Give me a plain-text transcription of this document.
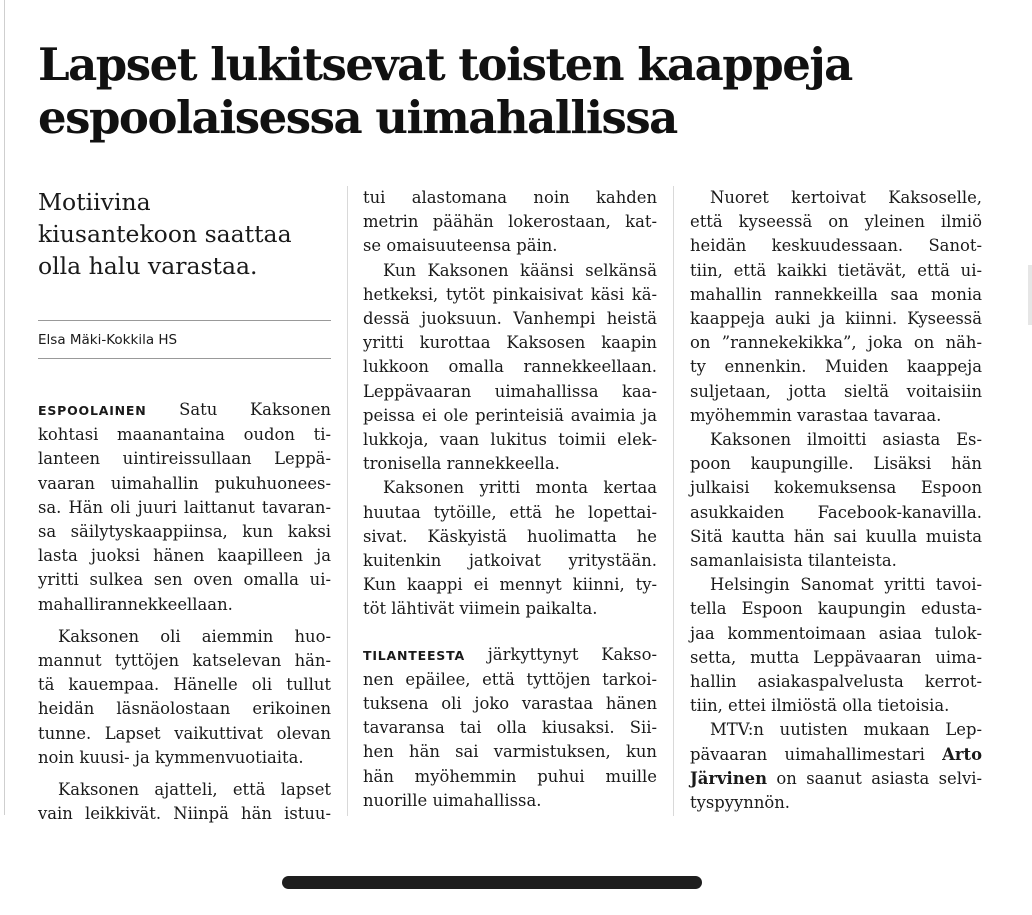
Lapset lukitsevat toisten kaappeja
espoolaisessa uimahallissa

Motiivina
kiusantekoon saattaa
olla halu varastaa.

Elsa Mäki-Kokkila HS

ESPOOLAINEN Satu Kaksonen
kohtasi maanantaina oudon ti-
lanteen uintireissullaan Leppä-
vaaran uimahallin pukuhuonees-
sa. Hän oli juuri laittanut tavaran-
sa säilytyskaappiinsa, kun kaksi
lasta juoksi hänen kaapilleen ja
yritti sulkea sen oven omalla ui-
mahallirannekkeellaan.
Kaksonen oli aiemmin huo-
mannut tyttöjen katselevan hän-
tä kauempaa. Hänelle oli tullut
heidän läsnäolostaan erikoinen
tunne. Lapset vaikuttivat olevan
noin kuusi- ja kymmenvuotiaita.
Kaksonen ajatteli, että lapset
vain leikkivät. Niinpä hän istuu-
tui alastomana noin kahden
metrin päähän lokerostaan, kat-
se omaisuuteensa päin.
Kun Kaksonen käänsi selkänsä
hetkeksi, tytöt pinkaisivat käsi kä-
dessä juoksuun. Vanhempi heistä
yritti kurottaa Kaksosen kaapin
lukkoon omalla rannekkeellaan.
Leppävaaran uimahallissa kaa-
peissa ei ole perinteisiä avaimia ja
lukkoja, vaan lukitus toimii elek-
tronisella rannekkeella.
Kaksonen yritti monta kertaa
huutaa tytöille, että he lopettai-
sivat. Käskyistä huolimatta he
kuitenkin jatkoivat yritystään.
Kun kaappi ei mennyt kiinni, ty-
töt lähtivät viimein paikalta.
TILANTEESTA järkyttynyt Kakso-
nen epäilee, että tyttöjen tarkoi-
tuksena oli joko varastaa hänen
tavaransa tai olla kiusaksi. Sii-
hen hän sai varmistuksen, kun
hän myöhemmin puhui muille
nuorille uimahallissa.
Nuoret kertoivat Kaksoselle,
että kyseessä on yleinen ilmiö
heidän keskuudessaan. Sanot-
tiin, että kaikki tietävät, että ui-
mahallin rannekkeilla saa monia
kaappeja auki ja kiinni. Kyseessä
on ”rannekekikka”, joka on näh-
ty ennenkin. Muiden kaappeja
suljetaan, jotta sieltä voitaisiin
myöhemmin varastaa tavaraa.
Kaksonen ilmoitti asiasta Es-
poon kaupungille. Lisäksi hän
julkaisi kokemuksensa Espoon
asukkaiden Facebook-kanavilla.
Sitä kautta hän sai kuulla muista
samanlaisista tilanteista.
Helsingin Sanomat yritti tavoi-
tella Espoon kaupungin edusta-
jaa kommentoimaan asiaa tulok-
setta, mutta Leppävaaran uima-
hallin asiakaspalvelusta kerrot-
tiin, ettei ilmiöstä olla tietoisia.
MTV:n uutisten mukaan Lep-
pävaaran uimahallimestari Arto
Järvinen on saanut asiasta selvi-
tyspyynnön.
